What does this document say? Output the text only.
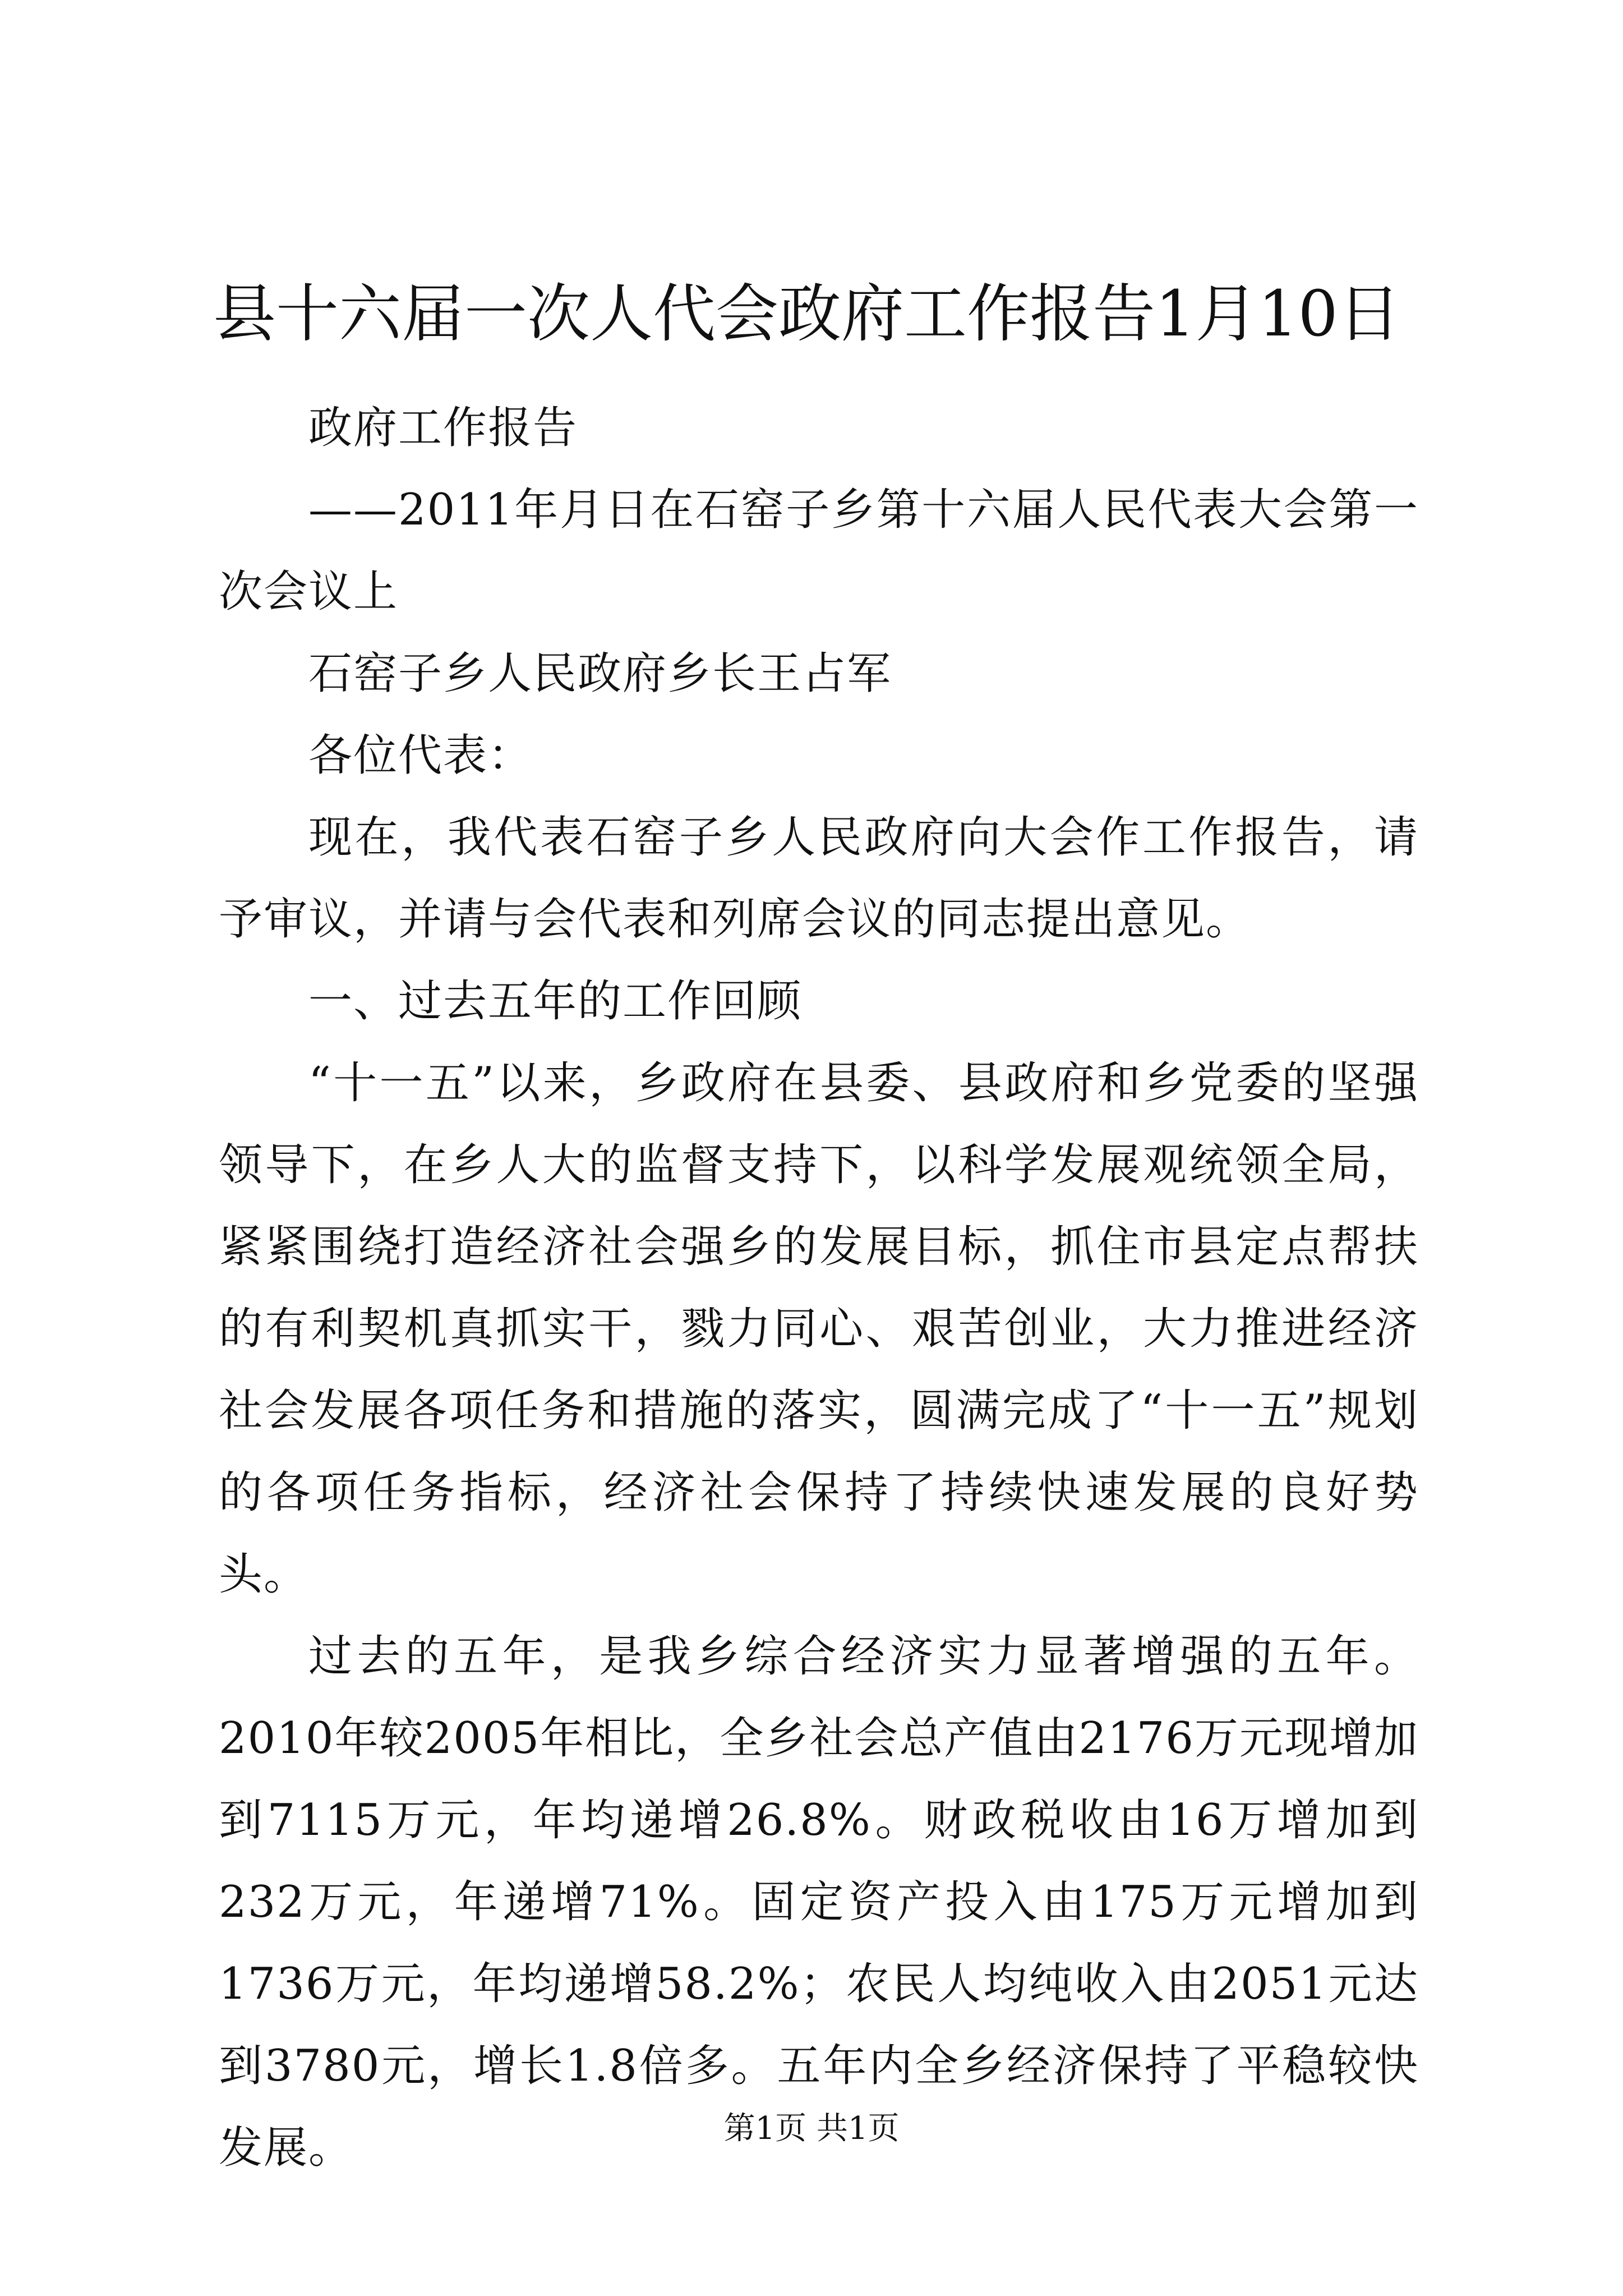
县十六届一次人代会政府工作报告1月10日

政府工作报告

——2011年月日在石窑子乡第十六届人民代表大会第一次会议上

石窑子乡人民政府乡长王占军

各位代表：

现在，我代表石窑子乡人民政府向大会作工作报告，请予审议，并请与会代表和列席会议的同志提出意见。

一、过去五年的工作回顾

“十一五”以来，乡政府在县委、县政府和乡党委的坚强领导下，在乡人大的监督支持下，以科学发展观统领全局，紧紧围绕打造经济社会强乡的发展目标，抓住市县定点帮扶的有利契机真抓实干，戮力同心、艰苦创业，大力推进经济社会发展各项任务和措施的落实，圆满完成了“十一五”规划的各项任务指标，经济社会保持了持续快速发展的良好势头。

过去的五年，是我乡综合经济实力显著增强的五年。2010年较2005年相比，全乡社会总产值由2176万元现增加到7115万元，年均递增26.8%。财政税收由16万增加到232万元，年递增71%。固定资产投入由175万元增加到1736万元，年均递增58.2%；农民人均纯收入由2051元达到3780元，增长1.8倍多。五年内全乡经济保持了平稳较快发展。	第1页 共1页
